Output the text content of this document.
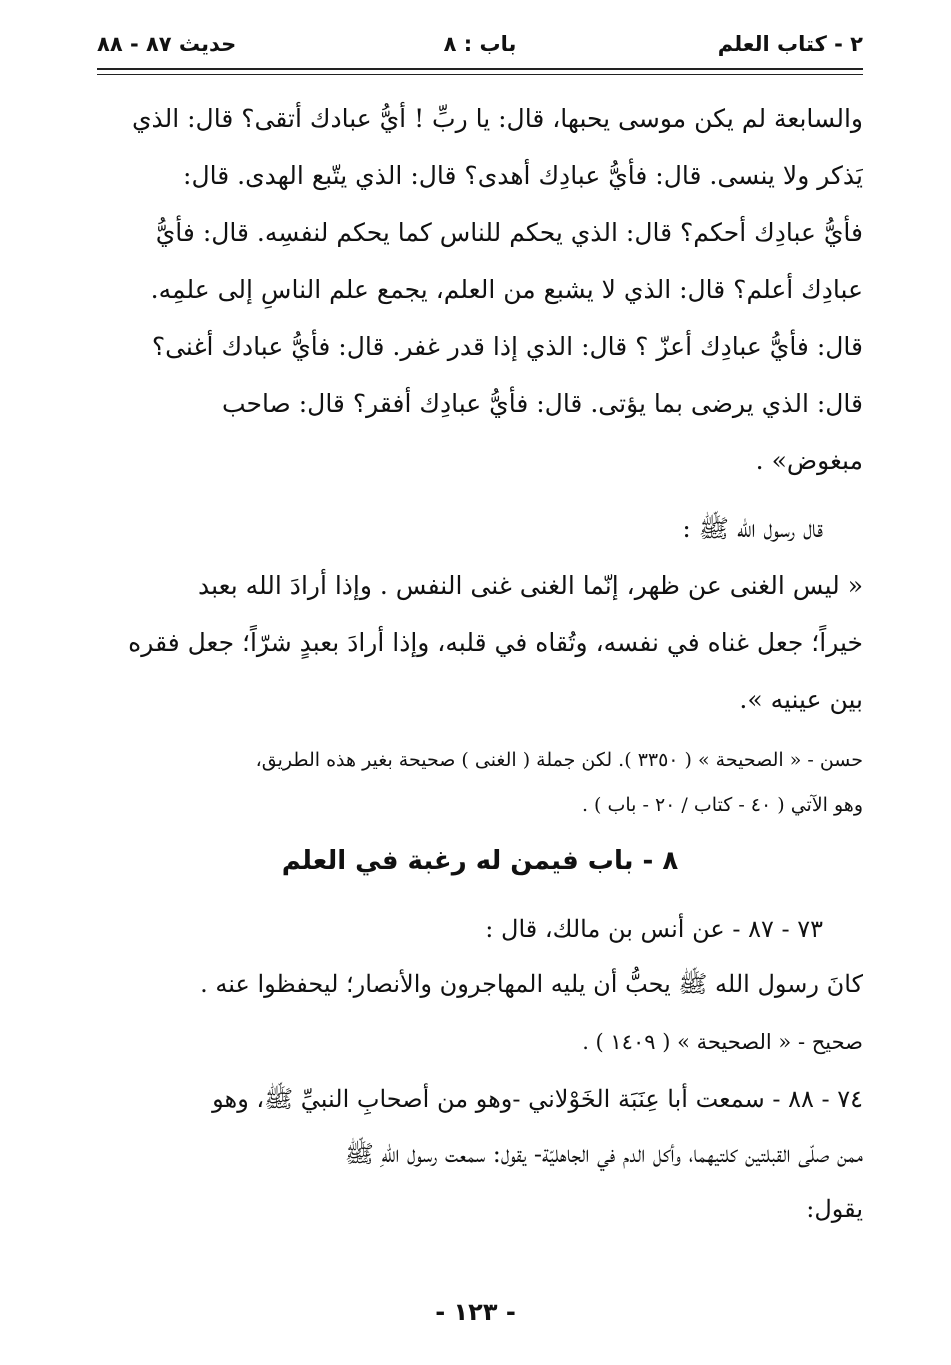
٢ - كتاب العلم
باب : ٨
حديث ٨٧ - ٨٨
والسابعة لم يكن موسى يحبها، قال: يا ربِّ ! أيُّ عبادك أتقى؟ قال: الذي
يَذكر ولا ينسى. قال: فأيُّ عبادِك أهدى؟ قال: الذي يتّبع الهدى. قال:
فأيُّ عبادِك أحكم؟ قال: الذي يحكم للناس كما يحكم لنفسِه. قال: فأيُّ
عبادِك أعلم؟ قال: الذي لا يشبع من العلم، يجمع علم الناسِ إلى علمِه.
قال: فأيُّ عبادِك أعزّ ؟ قال: الذي إذا قدر غفر. قال: فأيُّ عبادك أغنى؟
قال: الذي يرضى بما يؤتى. قال: فأيُّ عبادِك أفقر؟ قال: صاحب
مبغوض» .
قال رسول الله ﷺ :
« ليس الغنى عن ظهر، إنّما الغنى غنى النفس . وإذا أرادَ الله بعبد
خيراً؛ جعل غناه في نفسه، وتُقاه في قلبه، وإذا أرادَ بعبدٍ شرّاً؛ جعل فقره
بين عينيه ».
حسن - « الصحيحة » ( ٣٣٥٠ ). لكن جملة ( الغنى ) صحيحة بغير هذه الطريق،
وهو الآتي ( ٤٠ - كتاب / ٢٠ - باب ) .
٨ - باب فيمن له رغبة في العلم
٧٣ - ٨٧ - عن أنس بن مالك، قال :
كانَ رسول الله ﷺ يحبُّ أن يليه المهاجرون والأنصار؛ ليحفظوا عنه .
صحيح - « الصحيحة » ( ١٤٠٩ ) .
٧٤ - ٨٨ - سمعت أبا عِنَبَة الخَوْلاني -وهو من أصحابِ النبيِّ ﷺ، وهو
ممن صلّى القبلتين كلتيهما، وأكل الدم في الجاهليّة- يقول: سمعت رسول اللهِ ﷺ
يقول:
- ١٢٣ -
